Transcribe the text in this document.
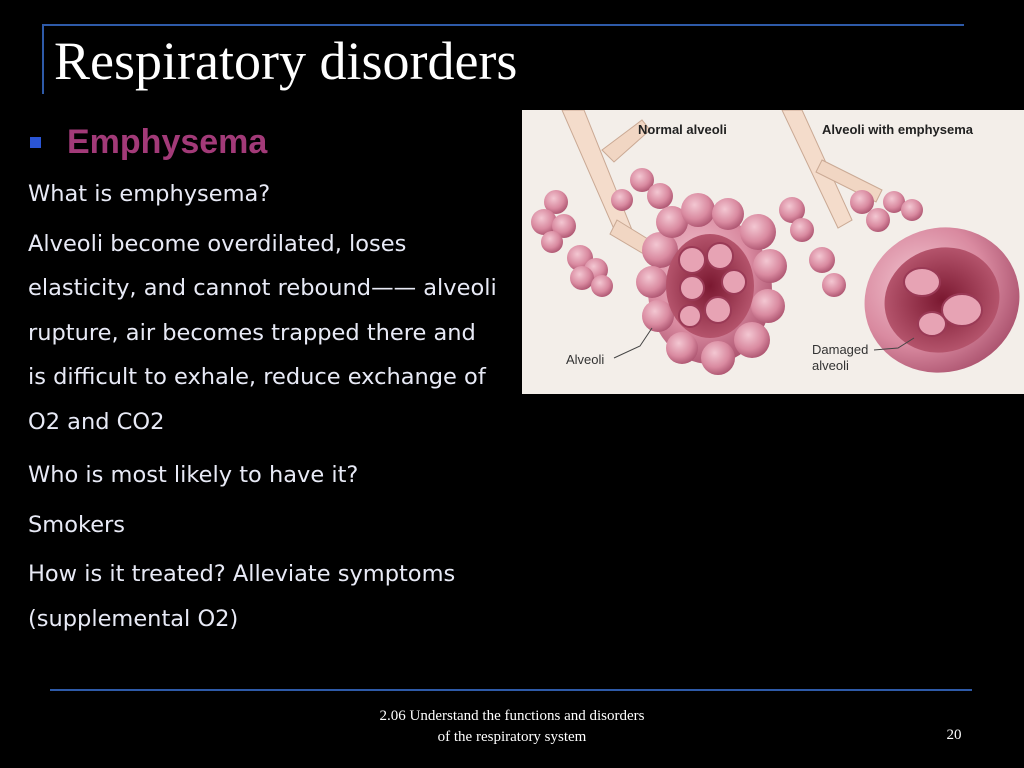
Respiratory disorders
Emphysema

What is emphysema?

Alveoli become overdilated, loses elasticity, and cannot rebound—— alveoli rupture, air becomes trapped there and is difficult to exhale, reduce exchange of O2 and CO2

Who is most likely to have it?

Smokers

How is it treated? Alleviate symptoms (supplemental O2)

Normal alveoli	Alveoli with emphysema
Alveoli
Damaged
alveoli
2.06 Understand the functions and disorders
of the respiratory system	20
